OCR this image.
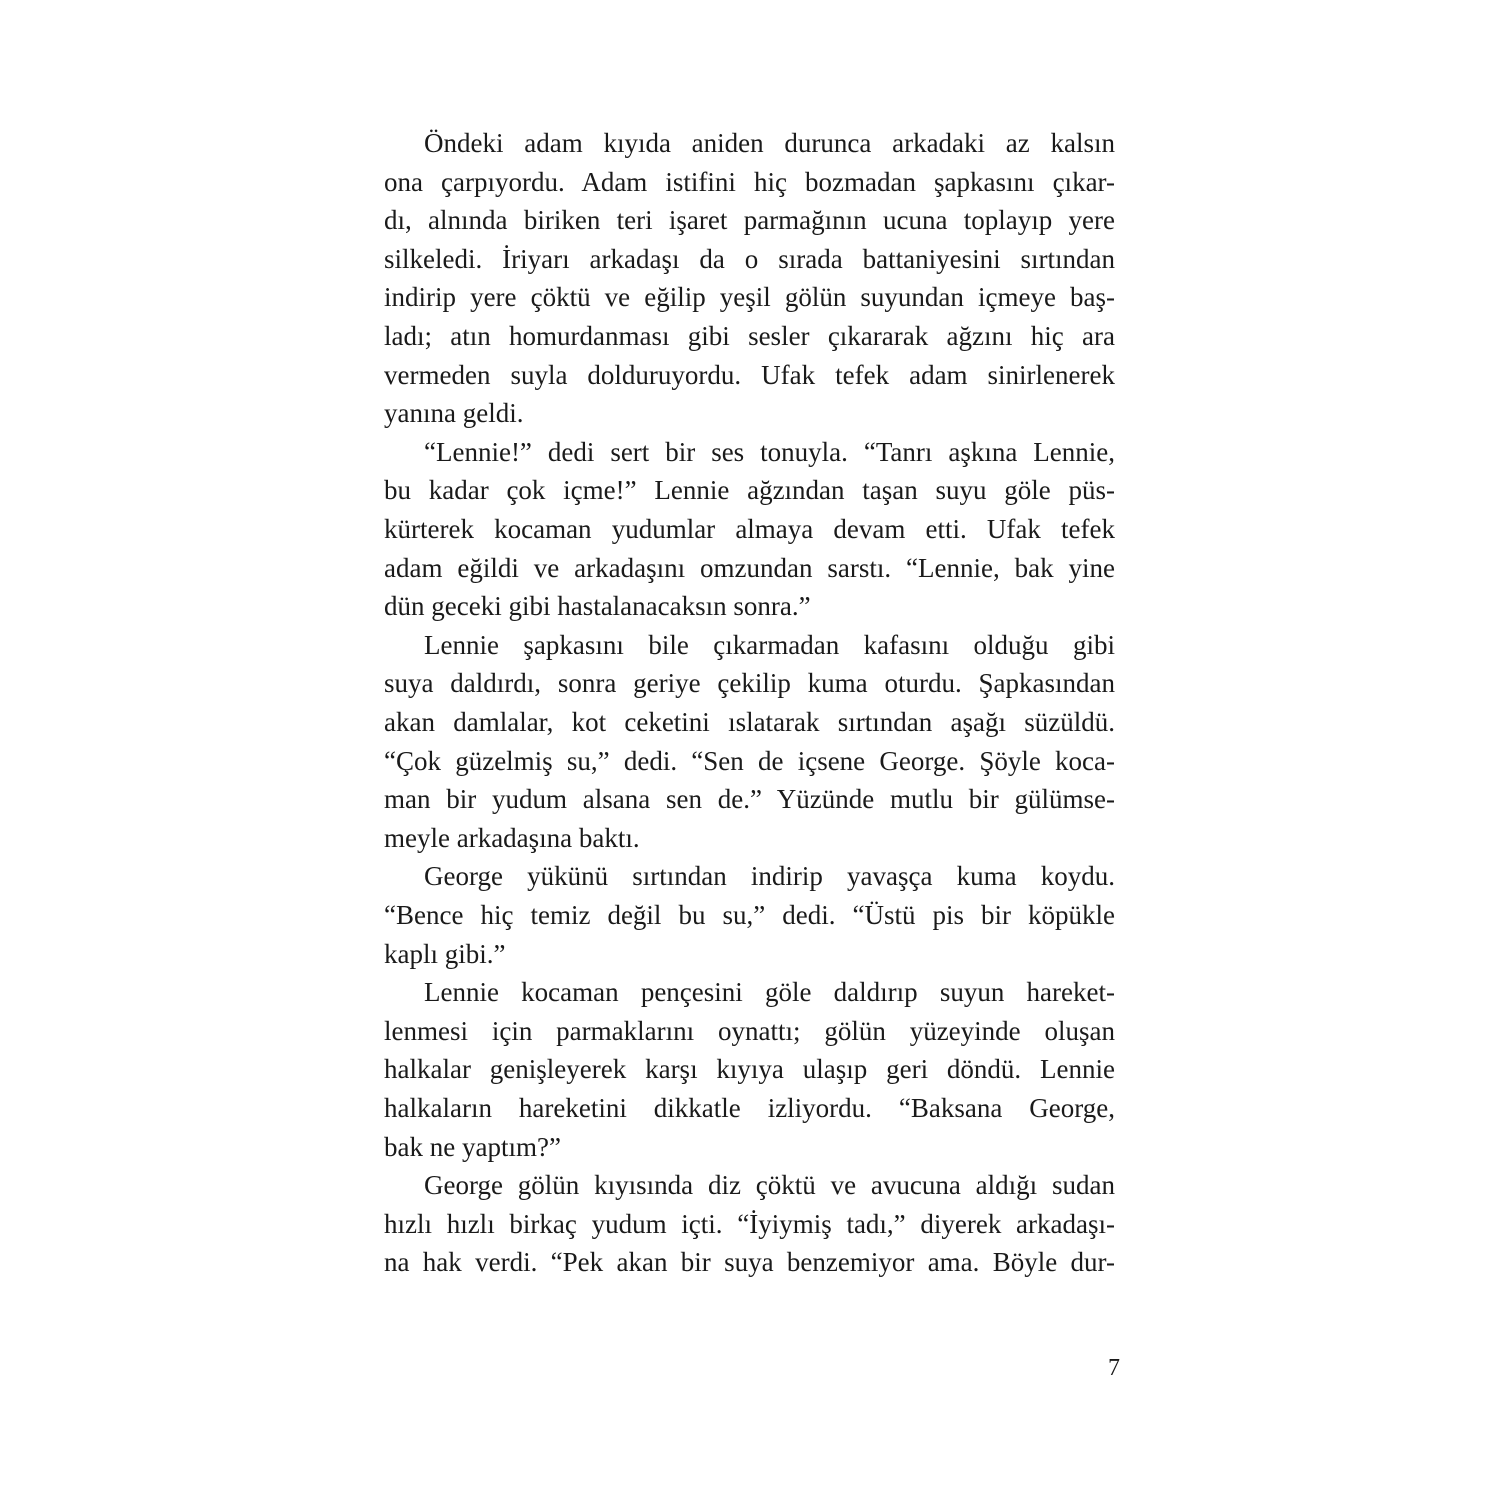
Öndeki adam kıyıda aniden durunca arkadaki az kalsın
ona çarpıyordu. Adam istifini hiç bozmadan şapkasını çıkar-
dı, alnında biriken teri işaret parmağının ucuna toplayıp yere
silkeledi. İriyarı arkadaşı da o sırada battaniyesini sırtından
indirip yere çöktü ve eğilip yeşil gölün suyundan içmeye baş-
ladı; atın homurdanması gibi sesler çıkararak ağzını hiç ara
vermeden suyla dolduruyordu. Ufak tefek adam sinirlenerek
yanına geldi.
“Lennie!” dedi sert bir ses tonuyla. “Tanrı aşkına Lennie,
bu kadar çok içme!” Lennie ağzından taşan suyu göle püs-
kürterek kocaman yudumlar almaya devam etti. Ufak tefek
adam eğildi ve arkadaşını omzundan sarstı. “Lennie, bak yine
dün geceki gibi hastalanacaksın sonra.”
Lennie şapkasını bile çıkarmadan kafasını olduğu gibi
suya daldırdı, sonra geriye çekilip kuma oturdu. Şapkasından
akan damlalar, kot ceketini ıslatarak sırtından aşağı süzüldü.
“Çok güzelmiş su,” dedi. “Sen de içsene George. Şöyle koca-
man bir yudum alsana sen de.” Yüzünde mutlu bir gülümse-
meyle arkadaşına baktı.
George yükünü sırtından indirip yavaşça kuma koydu.
“Bence hiç temiz değil bu su,” dedi. “Üstü pis bir köpükle
kaplı gibi.”
Lennie kocaman pençesini göle daldırıp suyun hareket-
lenmesi için parmaklarını oynattı; gölün yüzeyinde oluşan
halkalar genişleyerek karşı kıyıya ulaşıp geri döndü. Lennie
halkaların hareketini dikkatle izliyordu. “Baksana George,
bak ne yaptım?”
George gölün kıyısında diz çöktü ve avucuna aldığı sudan
hızlı hızlı birkaç yudum içti. “İyiymiş tadı,” diyerek arkadaşı-
na hak verdi. “Pek akan bir suya benzemiyor ama. Böyle dur-
7
